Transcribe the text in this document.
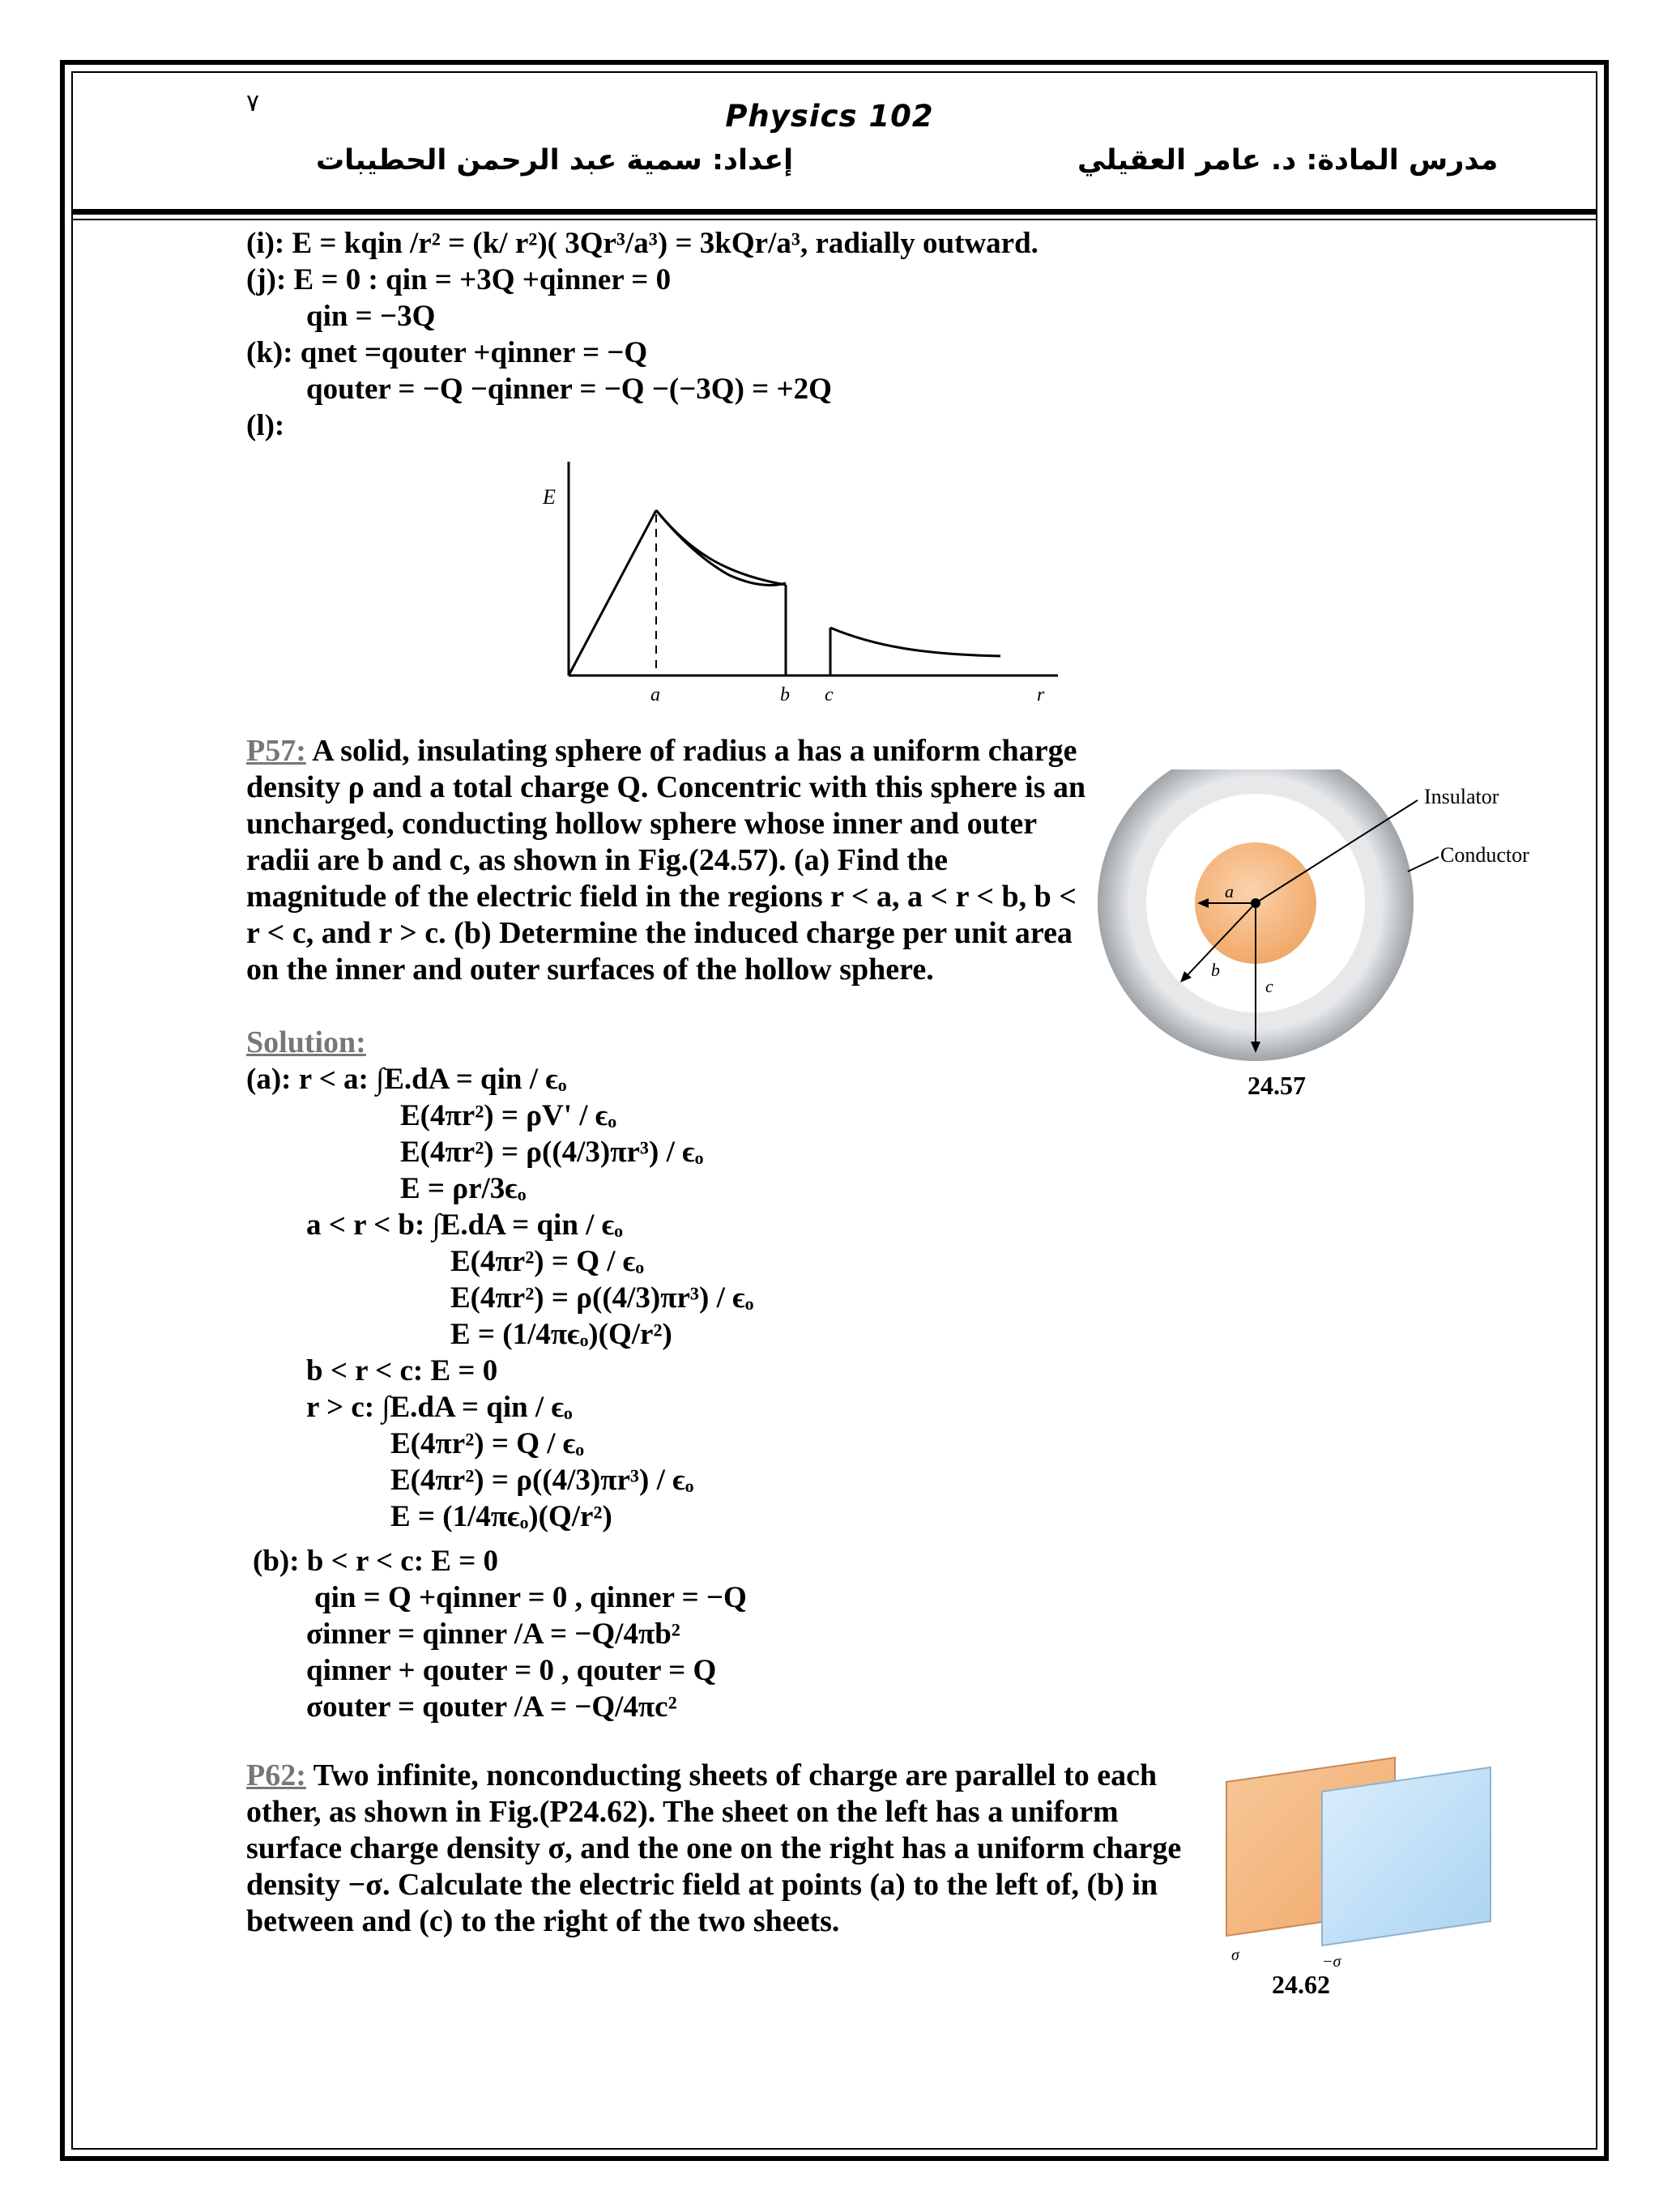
٧	Physics 102
إعداد: سمية عبد الرحمن الحطيبات	مدرس المادة: د. عامر العقيلي
(i): E = kqin /r² = (k/ r²)( 3Qr³/a³) = 3kQr/a³, radially outward.
(j): E = 0 : qin = +3Q +qinner = 0
qin = −3Q
(k): qnet =qouter +qinner = −Q
qouter = −Q −qinner = −Q −(−3Q) = +2Q
(l):
E
a	b c	r
P57: A solid, insulating sphere of radius a has a uniform charge density ρ and a total charge Q. Concentric with this sphere is an uncharged, conducting hollow sphere whose inner and outer radii are b and c, as shown in Fig.(24.57). (a) Find the magnitude of the electric field in the regions r < a, a < r < b, b < r < c, and r > c. (b) Determine the induced charge per unit area on the inner and outer surfaces of the hollow sphere.
Solution:
Insulator
Conductor
a
b
c
24.57
(a): r < a: ∫E.dA = qin / ϵₒ
E(4πr²) = ρV' / ϵₒ
E(4πr²) = ρ((4/3)πr³) / ϵₒ
E = ρr/3ϵₒ
a < r < b: ∫E.dA = qin / ϵₒ
E(4πr²) = Q / ϵₒ
E(4πr²) = ρ((4/3)πr³) / ϵₒ
E = (1/4πϵₒ)(Q/r²)
b < r < c: E = 0
r > c: ∫E.dA = qin / ϵₒ
E(4πr²) = Q / ϵₒ
E(4πr²) = ρ((4/3)πr³) / ϵₒ
E = (1/4πϵₒ)(Q/r²)
(b): b < r < c: E = 0
qin = Q +qinner = 0 , qinner = −Q
σinner = qinner /A = −Q/4πb²
qinner + qouter = 0 , qouter = Q
σouter = qouter /A = −Q/4πc²
P62: Two infinite, nonconducting sheets of charge are parallel to each other, as shown in Fig.(P24.62). The sheet on the left has a uniform surface charge density σ, and the one on the right has a uniform charge density −σ. Calculate the electric field at points (a) to the left of, (b) in between and (c) to the right of the two sheets.
σ	−σ
24.62
